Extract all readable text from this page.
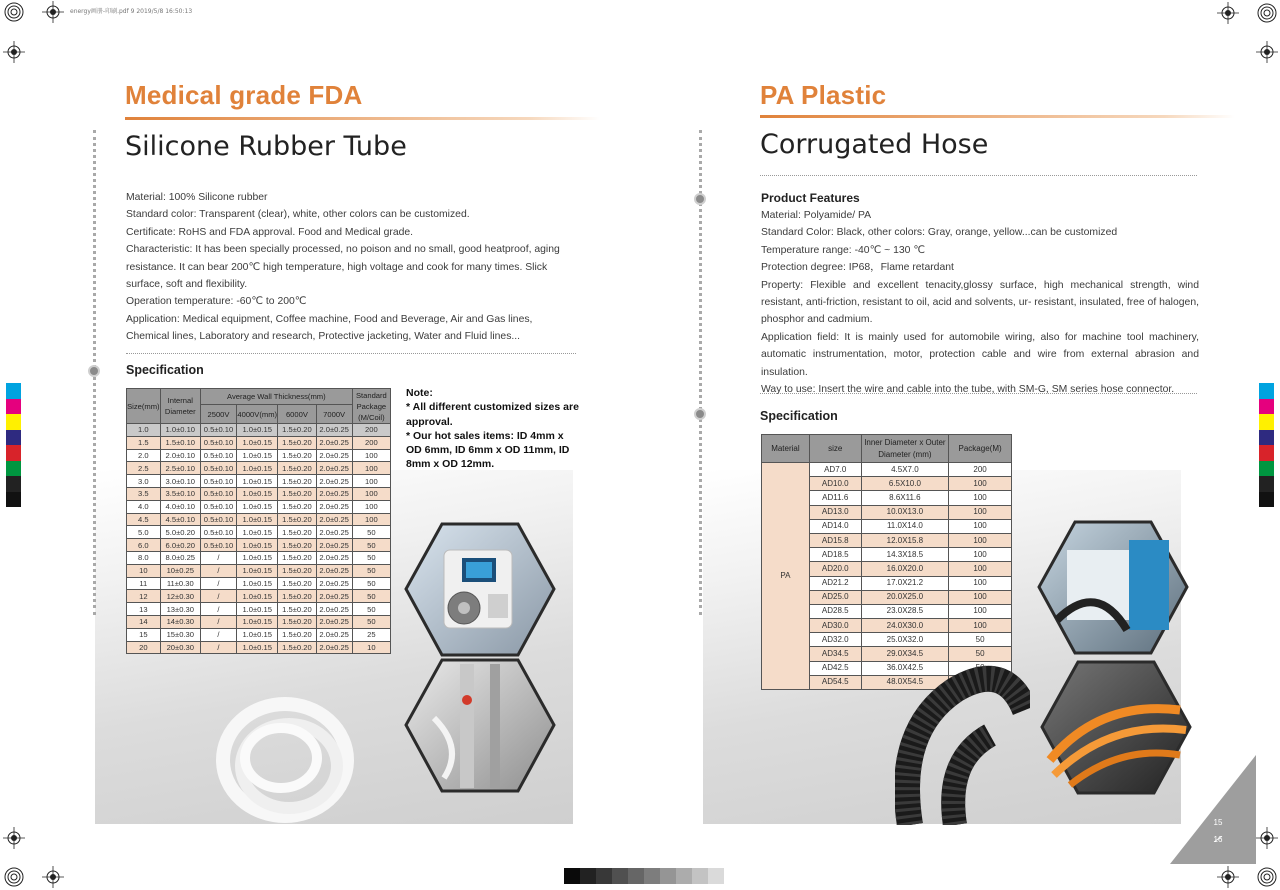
energy画册-印刷.pdf 9 2019/5/8 16:50:13
Medical grade FDA
Silicone Rubber Tube

Material: 100% Silicone rubber

Standard color: Transparent (clear), white, other colors can be customized.

Certificate: RoHS and FDA approval. Food and Medical grade.

Characteristic: It has been specially processed, no poison and no small, good heatproof, aging resistance. It can bear 200℃ high temperature, high voltage and cook for many times. Slick surface, soft and flexibility.

Operation temperature: -60℃ to 200℃

Application: Medical equipment, Coffee machine, Food and Beverage, Air and Gas lines, Chemical lines, Laboratory and research, Protective jacketing, Water and Fluid lines...

Specification
Size(mm)	Internal Diameter	Average Wall Thickness(mm)				Standard Package (M/Coil)
		2500V	4000V(mm)	6000V	7000V	
1.0	1.0±0.10	0.5±0.10	1.0±0.15	1.5±0.20	2.0±0.25	200
1.5	1.5±0.10	0.5±0.10	1.0±0.15	1.5±0.20	2.0±0.25	200
2.0	2.0±0.10	0.5±0.10	1.0±0.15	1.5±0.20	2.0±0.25	100
2.5	2.5±0.10	0.5±0.10	1.0±0.15	1.5±0.20	2.0±0.25	100
3.0	3.0±0.10	0.5±0.10	1.0±0.15	1.5±0.20	2.0±0.25	100
3.5	3.5±0.10	0.5±0.10	1.0±0.15	1.5±0.20	2.0±0.25	100
4.0	4.0±0.10	0.5±0.10	1.0±0.15	1.5±0.20	2.0±0.25	100
4.5	4.5±0.10	0.5±0.10	1.0±0.15	1.5±0.20	2.0±0.25	100
5.0	5.0±0.20	0.5±0.10	1.0±0.15	1.5±0.20	2.0±0.25	50
6.0	6.0±0.20	0.5±0.10	1.0±0.15	1.5±0.20	2.0±0.25	50
8.0	8.0±0.25	/	1.0±0.15	1.5±0.20	2.0±0.25	50
10	10±0.25	/	1.0±0.15	1.5±0.20	2.0±0.25	50
11	11±0.30	/	1.0±0.15	1.5±0.20	2.0±0.25	50
12	12±0.30	/	1.0±0.15	1.5±0.20	2.0±0.25	50
13	13±0.30	/	1.0±0.15	1.5±0.20	2.0±0.25	50
14	14±0.30	/	1.0±0.15	1.5±0.20	2.0±0.25	50
15	15±0.30	/	1.0±0.15	1.5±0.20	2.0±0.25	25
20	20±0.30	/	1.0±0.15	1.5±0.20	2.0±0.25	10
Note:
* All different customized sizes are approval.
* Our hot sales items: ID 4mm x OD 6mm, ID 6mm x OD 11mm, ID 8mm x OD 12mm.
PA Plastic
Corrugated Hose
Product Features

Material: Polyamide/ PA

Standard Color: Black, other colors: Gray, orange, yellow...can be customized

Temperature range: -40℃ ~ 130 ℃

Protection degree: IP68，Flame retardant

Property: Flexible and excellent tenacity,glossy surface, high mechanical strength, wind resistant, anti-friction, resistant to oil, acid and solvents, ur- resistant, insulated, free of halogen, phosphor and cadmium.

Application field: It is mainly used for automobile wiring, also for machine tool machinery, automatic instrumentation, motor, protection cable and wire from external abrasion and insulation.

Way to use: Insert the wire and cable into the tube, with SM-G, SM series hose connector.

Specification
Material	size	Inner Diameter x Outer Diameter (mm)	Package(M)
PA	AD7.0	4.5X7.0	200
	AD10.0	6.5X10.0	100
	AD11.6	8.6X11.6	100
	AD13.0	10.0X13.0	100
	AD14.0	11.0X14.0	100
	AD15.8	12.0X15.8	100
	AD18.5	14.3X18.5	100
	AD20.0	16.0X20.0	100
	AD21.2	17.0X21.2	100
	AD25.0	20.0X25.0	100
	AD28.5	23.0X28.5	100
	AD30.0	24.0X30.0	100
	AD32.0	25.0X32.0	50
	AD34.5	29.0X34.5	50
	AD42.5	36.0X42.5	50
	AD54.5	48.0X54.5	50
15
16
